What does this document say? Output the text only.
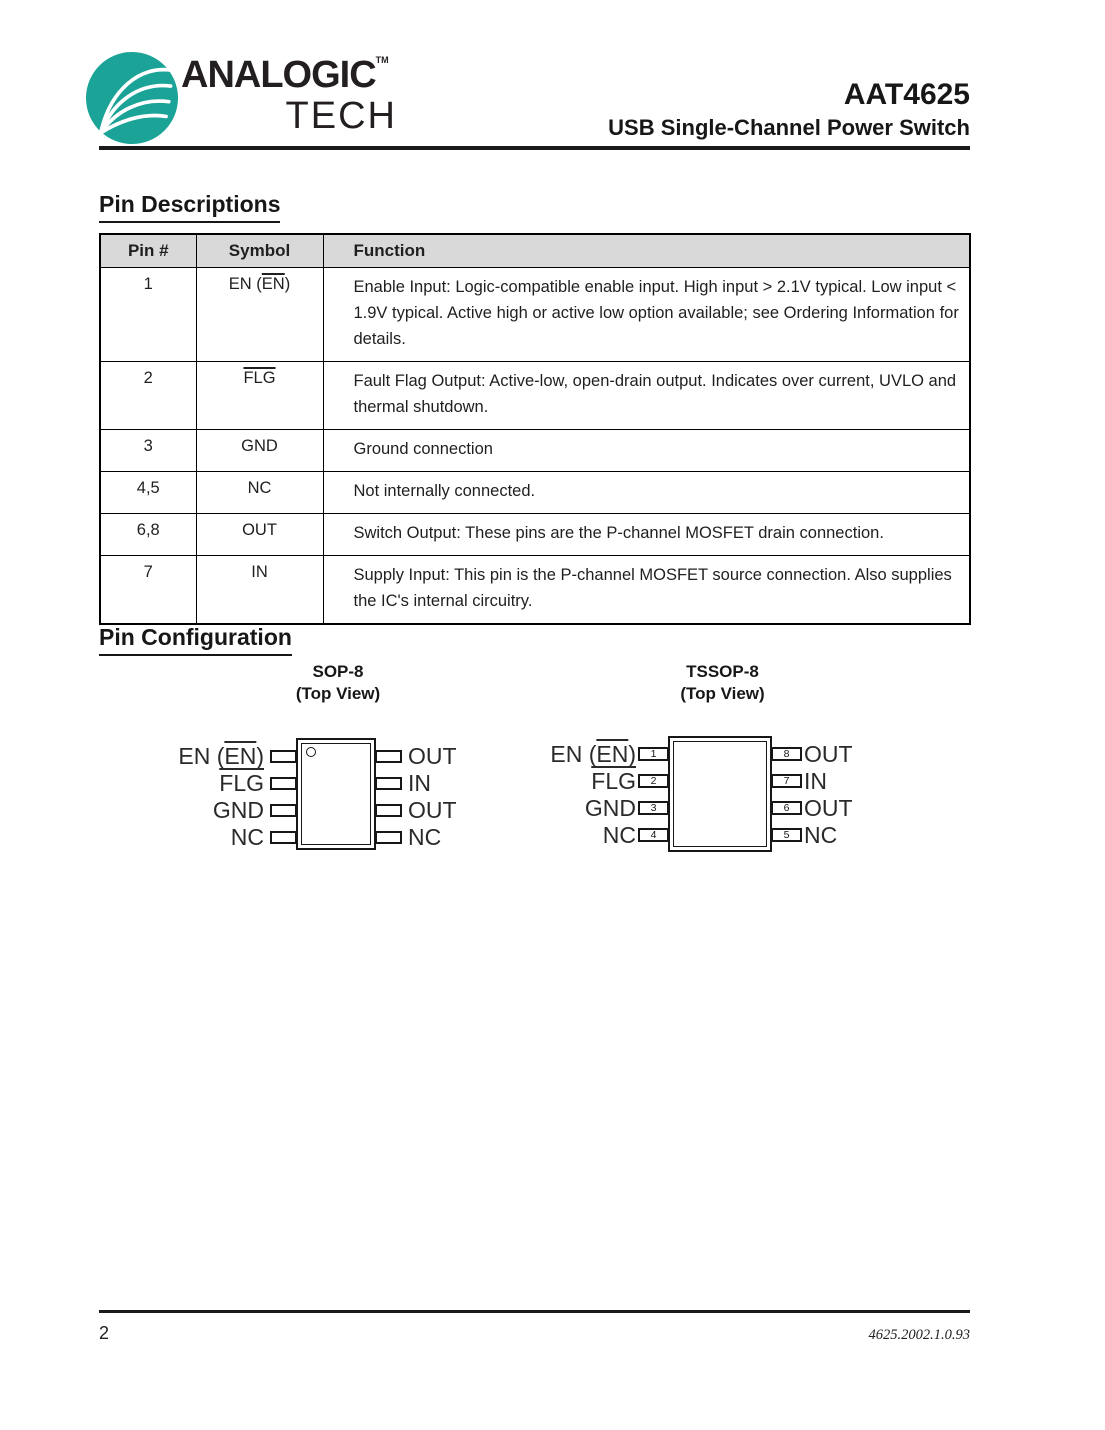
ANALOGIC™
TECH
AAT4625
USB Single-Channel Power Switch
Pin Descriptions
Pin #	Symbol	Function
1	EN $(\overline{EN})$	Enable Input: Logic-compatible enable input. High input > 2.1V typical. Low input < 1.9V typical. Active high or active low option available; see Ordering Information for details.
2	$\overline{FLG}$	Fault Flag Output: Active-low, open-drain output. Indicates over current, UVLO and thermal shutdown.
3	GND	Ground connection
4,5	NC	Not internally connected.
6,8	OUT	Switch Output: These pins are the P-channel MOSFET drain connection.
7	IN	Supply Input: This pin is the P-channel MOSFET source connection. Also supplies the IC's internal circuitry.
Pin Configuration
SOP-8
(Top View)
EN $(\overline{EN})$
$\overline{FLG}$
GND
NC
OUT
IN
OUT
NC
TSSOP-8
(Top View)
1
2
3
4
8
7
6
5
EN $(\overline{EN})$
$\overline{FLG}$
GND
NC
OUT
IN
OUT
NC
2	4625.2002.1.0.93
